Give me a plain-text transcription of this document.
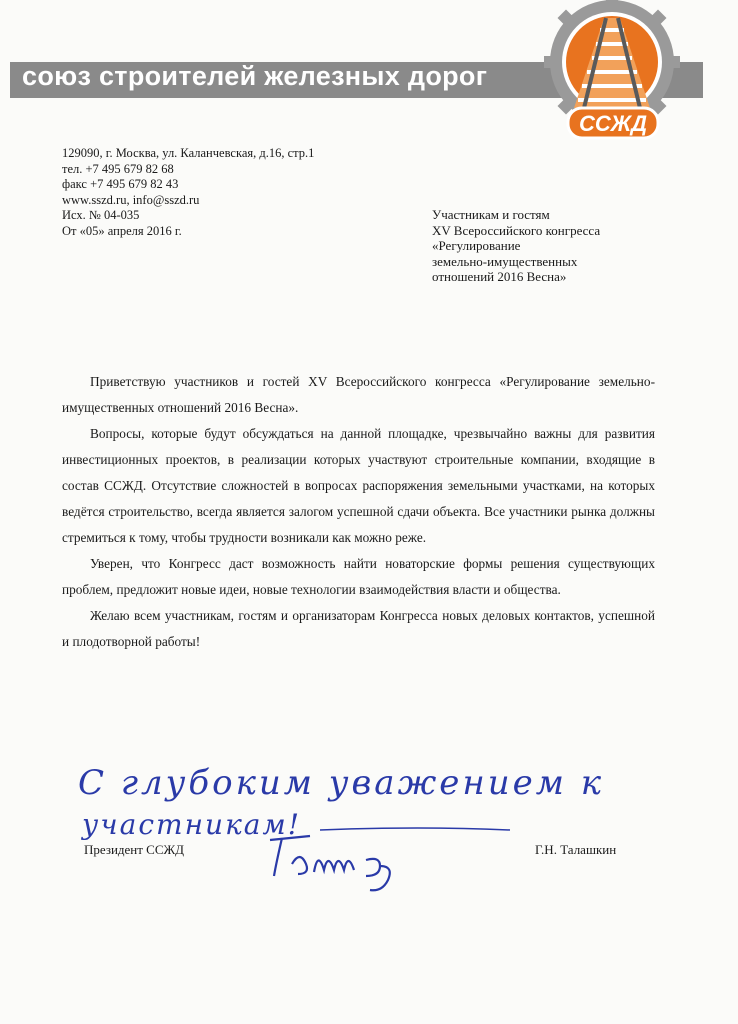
союз строителей железных дорог
ССЖД
129090, г. Москва, ул. Каланчевская, д.16, стр.1
тел. +7 495 679 82 68
факс +7 495 679 82 43
www.sszd.ru, info@sszd.ru
Исх. № 04-035
От «05» апреля 2016 г.
Участникам и гостям
XV Всероссийского конгресса
«Регулирование
земельно-имущественных
отношений 2016 Весна»

Приветствую участников и гостей XV Всероссийского конгресса «Регулирование земельно-имущественных отношений 2016 Весна».

Вопросы, которые будут обсуждаться на данной площадке, чрезвычайно важны для развития инвестиционных проектов, в реализации которых участвуют строительные компании, входящие в состав ССЖД. Отсутствие сложностей в вопросах распоряжения земельными участками, на которых ведётся строительство, всегда является залогом успешной сдачи объекта. Все участники рынка должны стремиться к тому, чтобы трудности возникали как можно реже.

Уверен, что Конгресс даст возможность найти новаторские формы решения существующих проблем, предложит новые идеи, новые технологии взаимодействия власти и общества.

Желаю всем участникам, гостям и организаторам Конгресса новых деловых контактов, успешной и плодотворной работы!

С глубоким уважением к
участникам!
Президент ССЖД	Г.Н. Талашкин
